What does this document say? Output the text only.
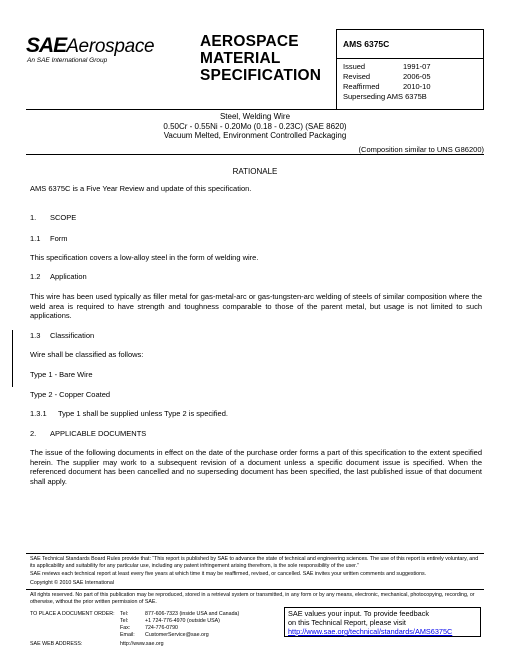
SAEAerospace
An SAE International Group
AEROSPACE
MATERIAL
SPECIFICATION
AMS 6375C
Issued	1991-07
Revised	2006-05
Reaffirmed	2010-10
Superseding AMS 6375B
Steel, Welding Wire
0.50Cr - 0.55Ni - 0.20Mo (0.18 - 0.23C) (SAE 8620)
Vacuum Melted, Environment Controlled Packaging
(Composition similar to UNS G86200)
RATIONALE
AMS 6375C is a Five Year Review and update of this specification.
1. SCOPE
1.1 Form
This specification covers a low-alloy steel in the form of welding wire.
1.2 Application
This wire has been used typically as filler metal for gas-metal-arc or gas-tungsten-arc welding of steels of similar composition where the weld area is required to have strength and toughness comparable to those of the parent metal, but usage is not limited to such applications.
1.3 Classification
Wire shall be classified as follows:
Type 1 - Bare Wire
Type 2 - Copper Coated
1.3.1 Type 1 shall be supplied unless Type 2 is specified.
2. APPLICABLE DOCUMENTS
The issue of the following documents in effect on the date of the purchase order forms a part of this specification to the extent specified herein. The supplier may work to a subsequent revision of a document unless a specific document issue is specified. When the referenced document has been cancelled and no superseding document has been specified, the last published issue of that document shall apply.
SAE Technical Standards Board Rules provide that: “This report is published by SAE to advance the state of technical and engineering sciences. The use of this report is entirely voluntary, and its applicability and suitability for any particular use, including any patent infringement arising therefrom, is the sole responsibility of the user.”
SAE reviews each technical report at least every five years at which time it may be reaffirmed, revised, or cancelled. SAE invites your written comments and suggestions.
Copyright © 2010 SAE International
All rights reserved. No part of this publication may be reproduced, stored in a retrieval system or transmitted, in any form or by any means, electronic, mechanical, photocopying, recording, or otherwise, without the prior written permission of SAE.
TO PLACE A DOCUMENT ORDER: Tel:	877-606-7323 (inside USA and Canada)
Tel:	+1 724-776-4970 (outside USA)
Fax:	724-776-0790
Email: CustomerService@sae.org
SAE WEB ADDRESS:	http://www.sae.org
SAE values your input. To provide feedback
on this Technical Report, please visit
http://www.sae.org/technical/standards/AMS6375C
